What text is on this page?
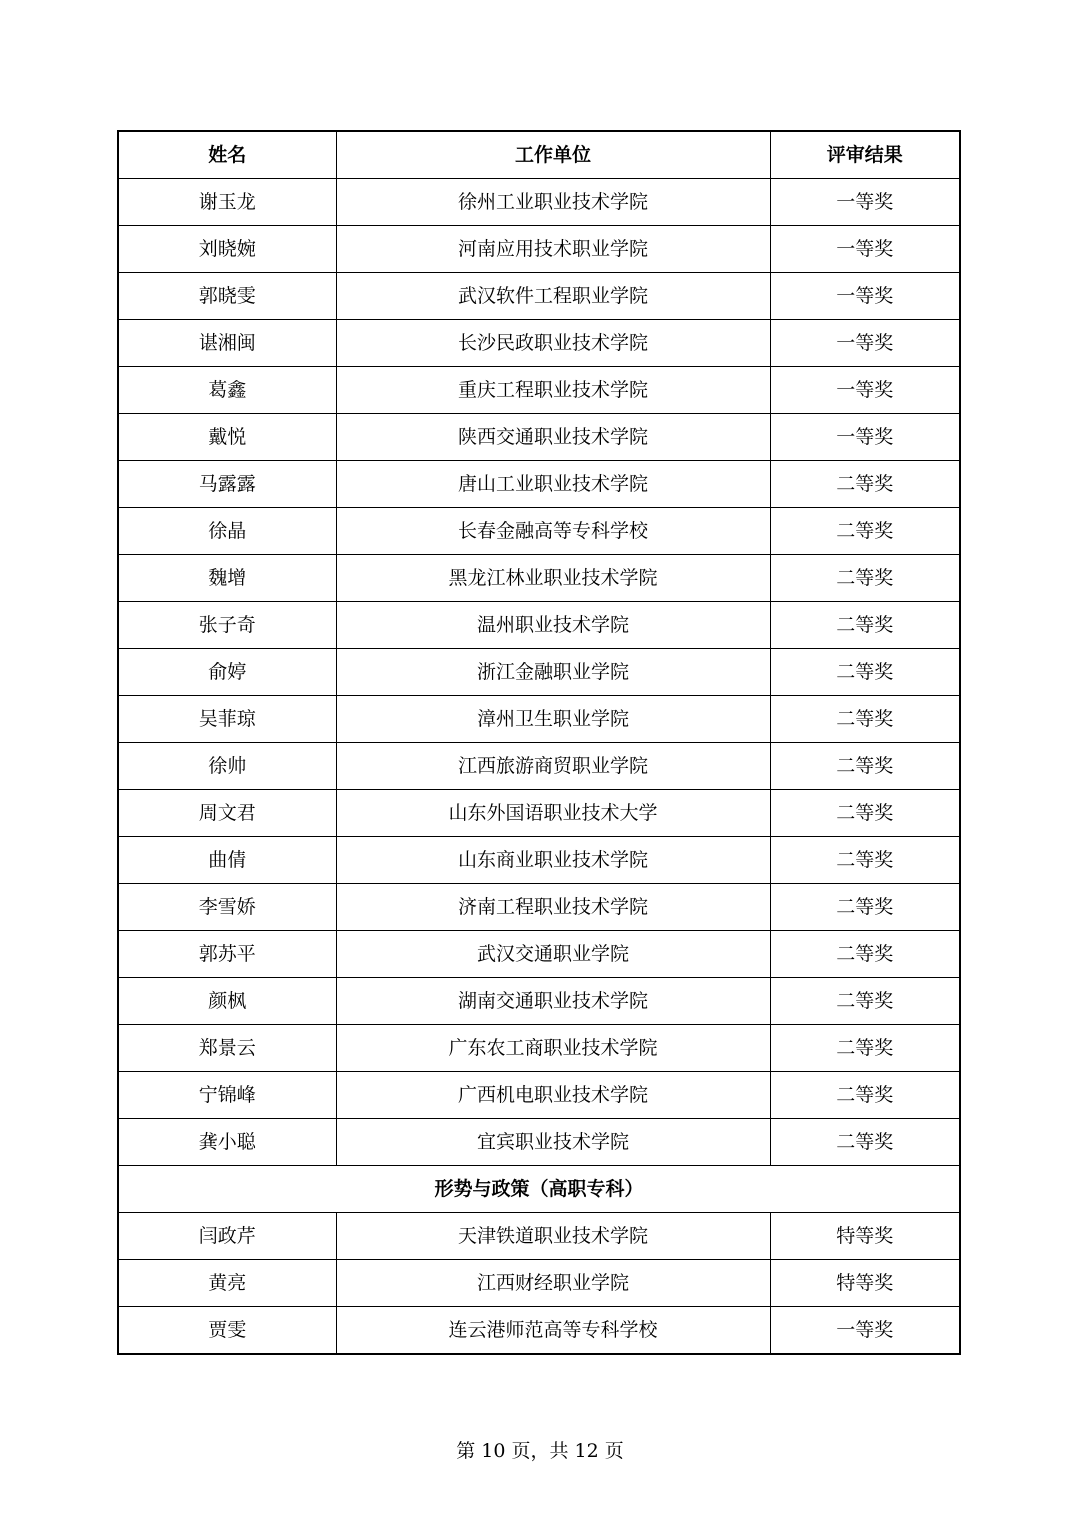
姓名	工作单位	评审结果
谢玉龙	徐州工业职业技术学院	一等奖
刘晓婉	河南应用技术职业学院	一等奖
郭晓雯	武汉软件工程职业学院	一等奖
谌湘闽	长沙民政职业技术学院	一等奖
葛鑫	重庆工程职业技术学院	一等奖
戴悦	陕西交通职业技术学院	一等奖
马露露	唐山工业职业技术学院	二等奖
徐晶	长春金融高等专科学校	二等奖
魏增	黑龙江林业职业技术学院	二等奖
张子奇	温州职业技术学院	二等奖
俞婷	浙江金融职业学院	二等奖
吴菲琼	漳州卫生职业学院	二等奖
徐帅	江西旅游商贸职业学院	二等奖
周文君	山东外国语职业技术大学	二等奖
曲倩	山东商业职业技术学院	二等奖
李雪娇	济南工程职业技术学院	二等奖
郭苏平	武汉交通职业学院	二等奖
颜枫	湖南交通职业技术学院	二等奖
郑景云	广东农工商职业技术学院	二等奖
宁锦峰	广西机电职业技术学院	二等奖
龚小聪	宜宾职业技术学院	二等奖
形势与政策（高职专科）		
闫政芹	天津铁道职业技术学院	特等奖
黄亮	江西财经职业学院	特等奖
贾雯	连云港师范高等专科学校	一等奖
第 10 页，共 12 页
